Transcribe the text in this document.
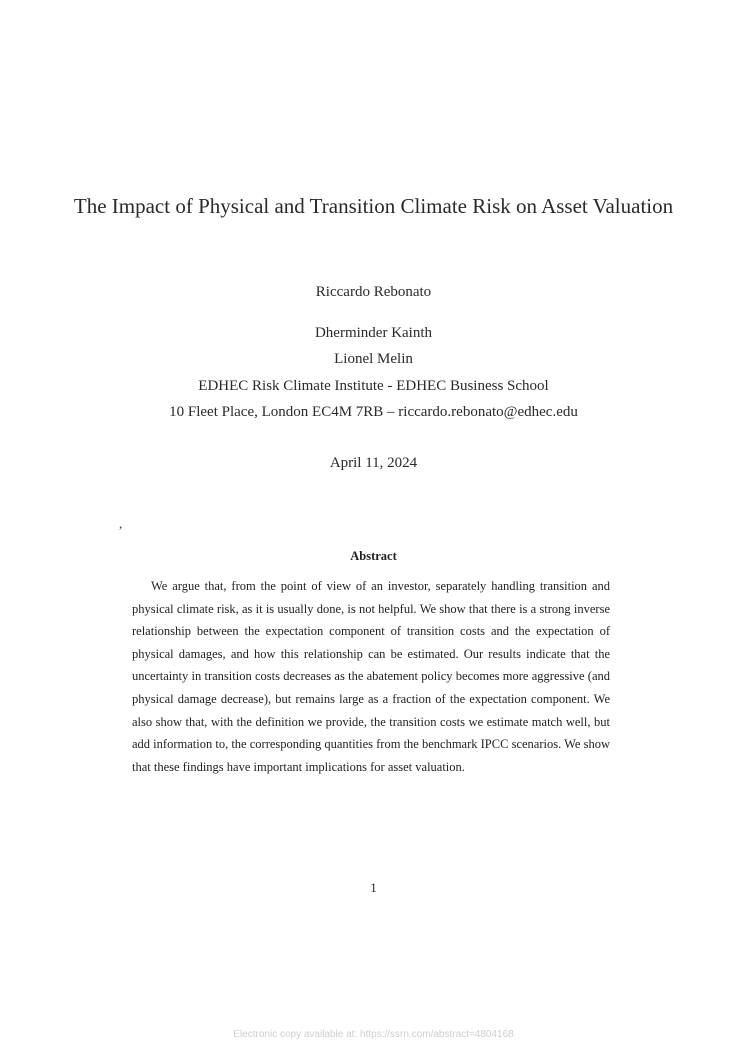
The Impact of Physical and Transition Climate Risk on Asset Valuation
Riccardo Rebonato
Dherminder Kainth
Lionel Melin
EDHEC Risk Climate Institute - EDHEC Business School
10 Fleet Place, London EC4M 7RB – riccardo.rebonato@edhec.edu
April 11, 2024
,
Abstract

We argue that, from the point of view of an investor, separately handling transition and physical climate risk, as it is usually done, is not helpful. We show that there is a strong inverse relationship between the expectation component of transition costs and the expectation of physical damages, and how this relationship can be estimated. Our results indicate that the uncertainty in transition costs decreases as the abatement policy becomes more aggressive (and physical damage decrease), but remains large as a fraction of the expectation component. We also show that, with the definition we provide, the transition costs we estimate match well, but add information to, the corresponding quantities from the benchmark IPCC scenarios. We show that these findings have important implications for asset valuation.

1
Electronic copy available at: https://ssrn.com/abstract=4804168
